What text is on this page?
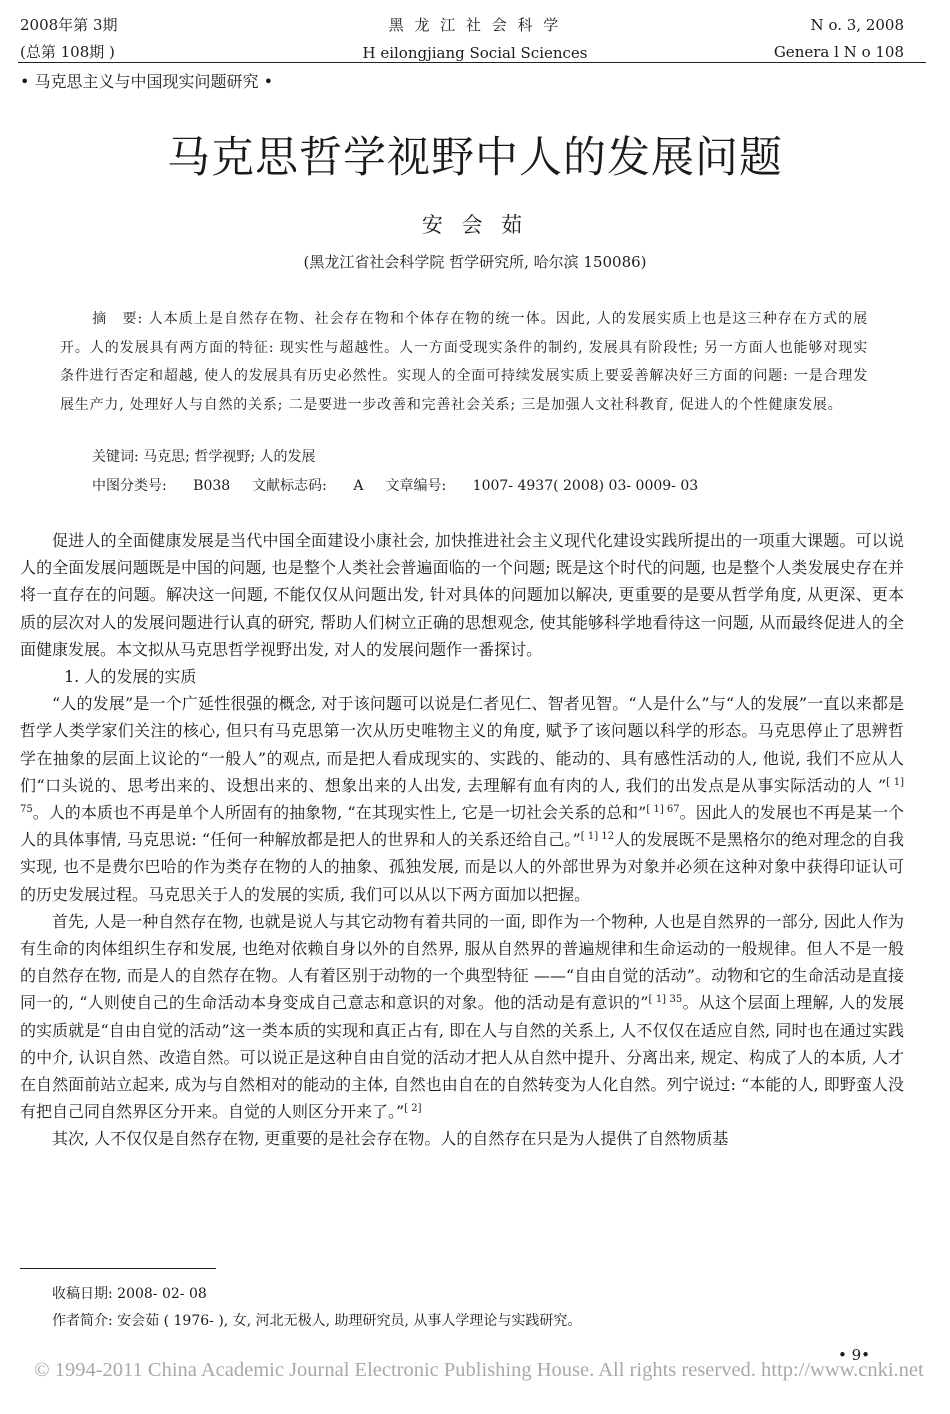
2008年第 3期
(总第 108期 )
黑 龙 江 社 会 科 学
H eilongjiang Social Sciences
N o. 3, 2008
Genera l N o 108
• 马克思主义与中国现实问题研究 •
马克思哲学视野中人的发展问题
安 会 茹
(黑龙江省社会科学院 哲学研究所, 哈尔滨 150086)
摘　要: 人本质上是自然存在物、社会存在物和个体存在物的统一体。因此, 人的发展实质上也是这三种存在方式的展开。人的发展具有两方面的特征: 现实性与超越性。人一方面受现实条件的制约, 发展具有阶段性; 另一方面人也能够对现实条件进行否定和超越, 使人的发展具有历史必然性。实现人的全面可持续发展实质上要妥善解决好三方面的问题: 一是合理发展生产力, 处理好人与自然的关系; 二是要进一步改善和完善社会关系; 三是加强人文社科教育, 促进人的个性健康发展。
关键词: 马克思; 哲学视野; 人的发展
中图分类号: B038 文献标志码: A 文章编号: 1007- 4937( 2008) 03- 0009- 03

促进人的全面健康发展是当代中国全面建设小康社会, 加快推进社会主义现代化建设实践所提出的一项重大课题。可以说人的全面发展问题既是中国的问题, 也是整个人类社会普遍面临的一个问题; 既是这个时代的问题, 也是整个人类发展史存在并将一直存在的问题。解决这一问题, 不能仅仅从问题出发, 针对具体的问题加以解决, 更重要的是要从哲学角度, 从更深、更本质的层次对人的发展问题进行认真的研究, 帮助人们树立正确的思想观念, 使其能够科学地看待这一问题, 从而最终促进人的全面健康发展。本文拟从马克思哲学视野出发, 对人的发展问题作一番探讨。

1. 人的发展的实质

“人的发展”是一个广延性很强的概念, 对于该问题可以说是仁者见仁、智者见智。“人是什么”与“人的发展”一直以来都是哲学人类学家们关注的核心, 但只有马克思第一次从历史唯物主义的角度, 赋予了该问题以科学的形态。马克思停止了思辨哲学在抽象的层面上议论的“一般人”的观点, 而是把人看成现实的、实践的、能动的、具有感性活动的人, 他说, 我们不应从人们“口头说的、思考出来的、设想出来的、想象出来的人出发, 去理解有血有肉的人, 我们的出发点是从事实际活动的人 ”$^{[ 1] 75}$。人的本质也不再是单个人所固有的抽象物, “在其现实性上, 它是一切社会关系的总和”$^{[ 1] 67}$。因此人的发展也不再是某一个人的具体事情, 马克思说: “任何一种解放都是把人的世界和人的关系还给自己。”$^{[ 1] 12}$人的发展既不是黑格尔的绝对理念的自我实现, 也不是费尔巴哈的作为类存在物的人的抽象、孤独发展, 而是以人的外部世界为对象并必须在这种对象中获得印证认可的历史发展过程。马克思关于人的发展的实质, 我们可以从以下两方面加以把握。

首先, 人是一种自然存在物, 也就是说人与其它动物有着共同的一面, 即作为一个物种, 人也是自然界的一部分, 因此人作为有生命的肉体组织生存和发展, 也绝对依赖自身以外的自然界, 服从自然界的普遍规律和生命运动的一般规律。但人不是一般的自然存在物, 而是人的自然存在物。人有着区别于动物的一个典型特征 ——“自由自觉的活动”。动物和它的生命活动是直接同一的, “人则使自己的生命活动本身变成自己意志和意识的对象。他的活动是有意识的”$^{[ 1] 35}$。从这个层面上理解, 人的发展的实质就是“自由自觉的活动”这一类本质的实现和真正占有, 即在人与自然的关系上, 人不仅仅在适应自然, 同时也在通过实践的中介, 认识自然、改造自然。可以说正是这种自由自觉的活动才把人从自然中提升、分离出来, 规定、构成了人的本质, 人才在自然面前站立起来, 成为与自然相对的能动的主体, 自然也由自在的自然转变为人化自然。列宁说过: “本能的人, 即野蛮人没有把自己同自然界区分开来。自觉的人则区分开来了。”[ 2]

其次, 人不仅仅是自然存在物, 更重要的是社会存在物。人的自然存在只是为人提供了自然物质基

收稿日期: 2008- 02- 08
作者简介: 安会茹 ( 1976- ), 女, 河北无极人, 助理研究员, 从事人学理论与实践研究。
• 9•
© 1994-2011 China Academic Journal Electronic Publishing House. All rights reserved. http://www.cnki.net
